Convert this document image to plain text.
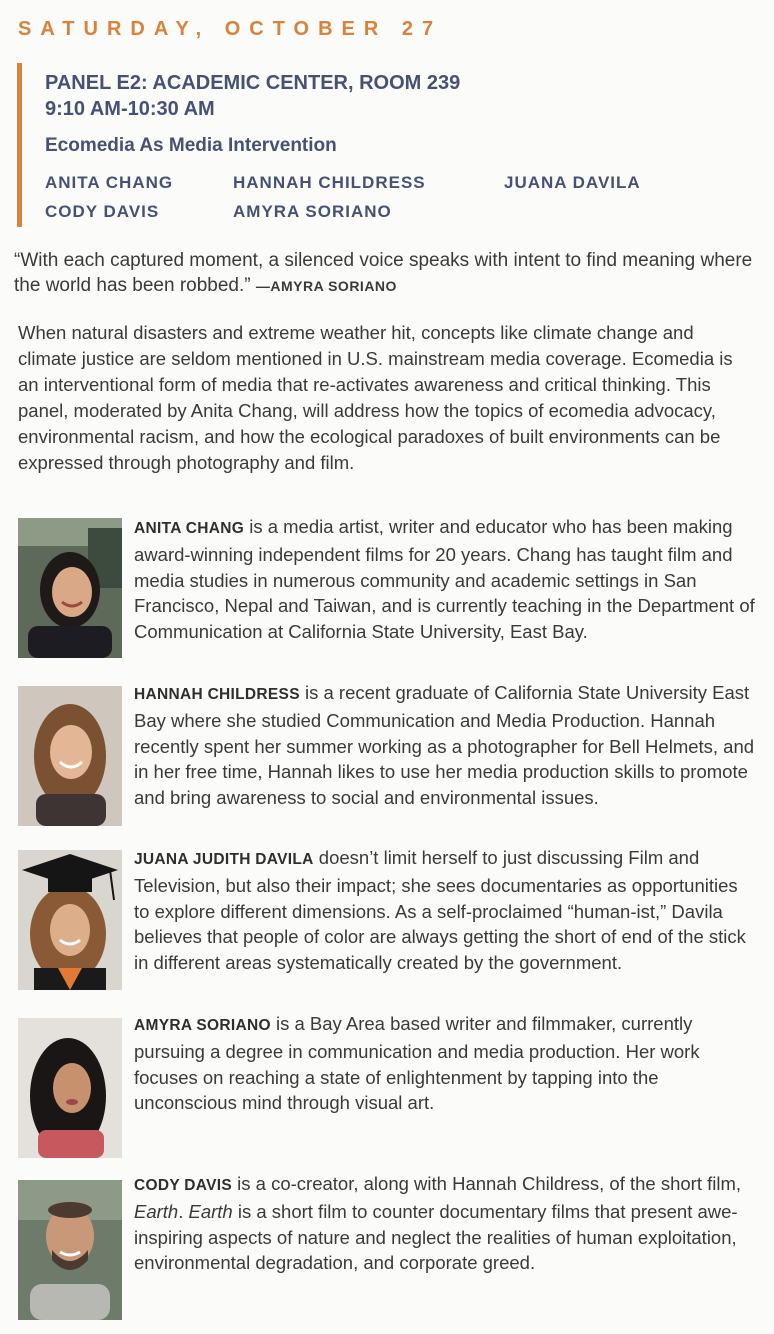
SATURDAY, OCTOBER 27
PANEL E2: ACADEMIC CENTER, ROOM 239
9:10 AM-10:30 AM
Ecomedia As Media Intervention
ANITA CHANG	HANNAH CHILDRESS	JUANA DAVILA
CODY DAVIS	AMYRA SORIANO
“With each captured moment, a silenced voice speaks with intent to find meaning where the world has been robbed.” —AMYRA SORIANO
When natural disasters and extreme weather hit, concepts like climate change and climate justice are seldom mentioned in U.S. mainstream media coverage. Ecomedia is an interventional form of media that re-activates awareness and critical thinking. This panel, moderated by Anita Chang, will address how the topics of ecomedia advocacy, environmental racism, and how the ecological paradoxes of built environments can be expressed through photography and film.
ANITA CHANG is a media artist, writer and educator who has been making award-winning independent films for 20 years. Chang has taught film and media studies in numerous community and academic settings in San Francisco, Nepal and Taiwan, and is currently teaching in the Department of Communication at California State University, East Bay.
HANNAH CHILDRESS is a recent graduate of California State University East Bay where she studied Communication and Media Production. Hannah recently spent her summer working as a photographer for Bell Helmets, and in her free time, Hannah likes to use her media production skills to promote and bring awareness to social and environmental issues.
JUANA JUDITH DAVILA doesn’t limit herself to just discussing Film and Television, but also their impact; she sees documentaries as opportunities to explore different dimensions. As a self-proclaimed “human-ist,” Davila believes that people of color are always getting the short of end of the stick in different areas systematically created by the government.
AMYRA SORIANO is a Bay Area based writer and filmmaker, currently pursuing a degree in communication and media production. Her work focuses on reaching a state of enlightenment by tapping into the unconscious mind through visual art.
CODY DAVIS is a co-creator, along with Hannah Childress, of the short film, Earth. Earth is a short film to counter documentary films that present awe-inspiring aspects of nature and neglect the realities of human exploitation, environmental degradation, and corporate greed.
